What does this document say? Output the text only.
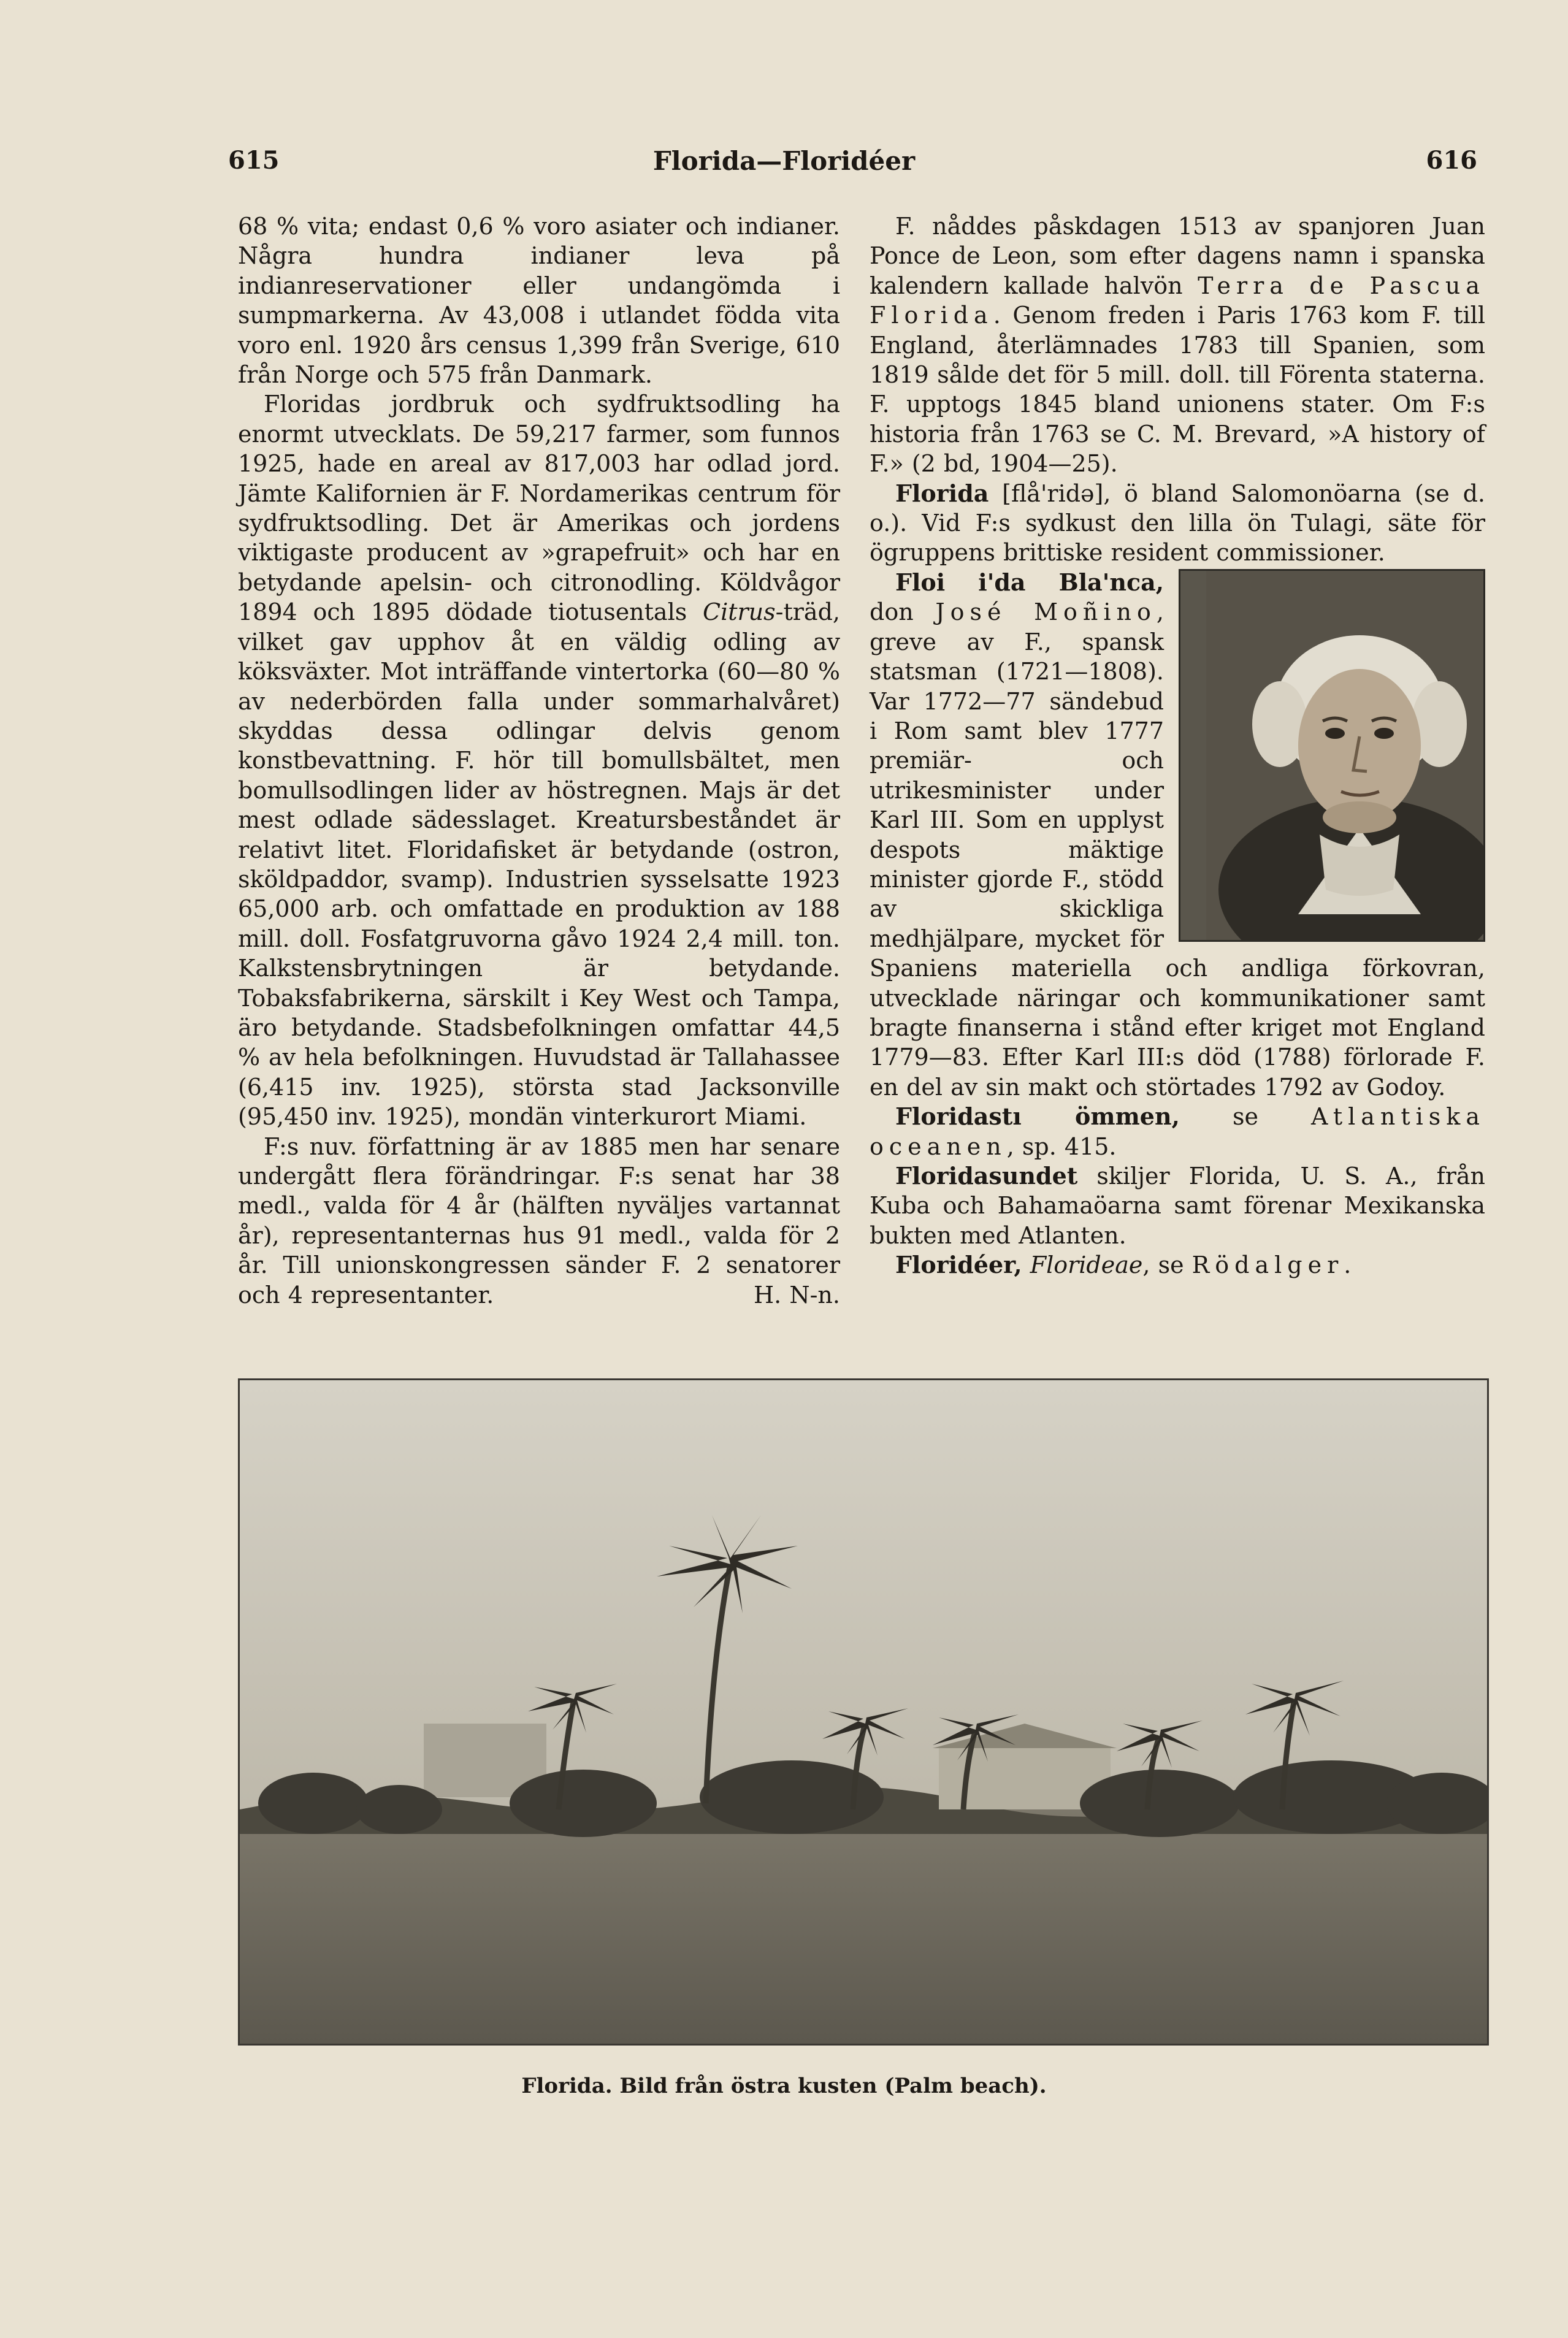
615	Florida—Floridéer	616

68 % vita; endast 0,6 % voro asiater och indianer. Några hundra indianer leva på indianreservationer eller undangömda i sumpmarkerna. Av 43,008 i utlandet födda vita voro enl. 1920 års census 1,399 från Sverige, 610 från Norge och 575 från Danmark.

Floridas jordbruk och sydfruktsodling ha enormt utvecklats. De 59,217 farmer, som funnos 1925, hade en areal av 817,003 har odlad jord. Jämte Kalifornien är F. Nordamerikas centrum för sydfruktsodling. Det är Amerikas och jordens viktigaste producent av »grapefruit» och har en betydande apelsin- och citronodling. Köldvågor 1894 och 1895 dödade tiotusentals Citrus-träd, vilket gav upphov åt en väldig odling av köksväxter. Mot inträffande vintertorka (60—80 % av nederbörden falla under sommarhalvåret) skyddas dessa odlingar delvis genom konstbevattning. F. hör till bomullsbältet, men bomullsodlingen lider av höstregnen. Majs är det mest odlade sädesslaget. Kreatursbeståndet är relativt litet. Floridafisket är betydande (ostron, sköldpaddor, svamp). Industrien sysselsatte 1923 65,000 arb. och omfattade en produktion av 188 mill. doll. Fosfatgruvorna gåvo 1924 2,4 mill. ton. Kalkstensbrytningen är betydande. Tobaksfabrikerna, särskilt i Key West och Tampa, äro betydande. Stadsbefolkningen omfattar 44,5 % av hela befolkningen. Huvudstad är Tallahassee (6,415 inv. 1925), största stad Jacksonville (95,450 inv. 1925), mondän vinterkurort Miami.

F:s nuv. författning är av 1885 men har senare undergått flera förändringar. F:s senat har 38 medl., valda för 4 år (hälften nyväljes vartannat år), representanternas hus 91 medl., valda för 2 år. Till unionskongressen sänder F. 2 senatorer och 4 representanter.	H. N-n.

F. nåddes påskdagen 1513 av spanjoren Juan Ponce de Leon, som efter dagens namn i spanska kalendern kallade halvön Terra de Pascua Florida. Genom freden i Paris 1763 kom F. till England, återlämnades 1783 till Spanien, som 1819 sålde det för 5 mill. doll. till Förenta staterna. F. upptogs 1845 bland unionens stater. Om F:s historia från 1763 se C. M. Brevard, »A history of F.» (2 bd, 1904—25).

Florida [flå'ridə], ö bland Salomonöarna (se d. o.). Vid F:s sydkust den lilla ön Tulagi, säte för ögruppens brittiske resident commissioner.

Floi i'da Bla'nca, don José Moñino, greve av F., spansk statsman (1721—1808). Var 1772—77 sändebud i Rom samt blev 1777 premiär- och utrikesminister under Karl III. Som en upplyst despots mäktige minister gjorde F., stödd av skickliga medhjälpare, mycket för Spaniens materiella och andliga förkovran, utvecklade näringar och kommunikationer samt bragte finanserna i stånd efter kriget mot England 1779—83. Efter Karl III:s död (1788) förlorade F. en del av sin makt och störtades 1792 av Godoy.

Floridastı ömmen, se Atlantiska oceanen, sp. 415.

Floridasundet skiljer Florida, U. S. A., från Kuba och Bahamaöarna samt förenar Mexikanska bukten med Atlanten.

Floridéer, Florideae, se Rödalger.

Florida. Bild från östra kusten (Palm beach).
